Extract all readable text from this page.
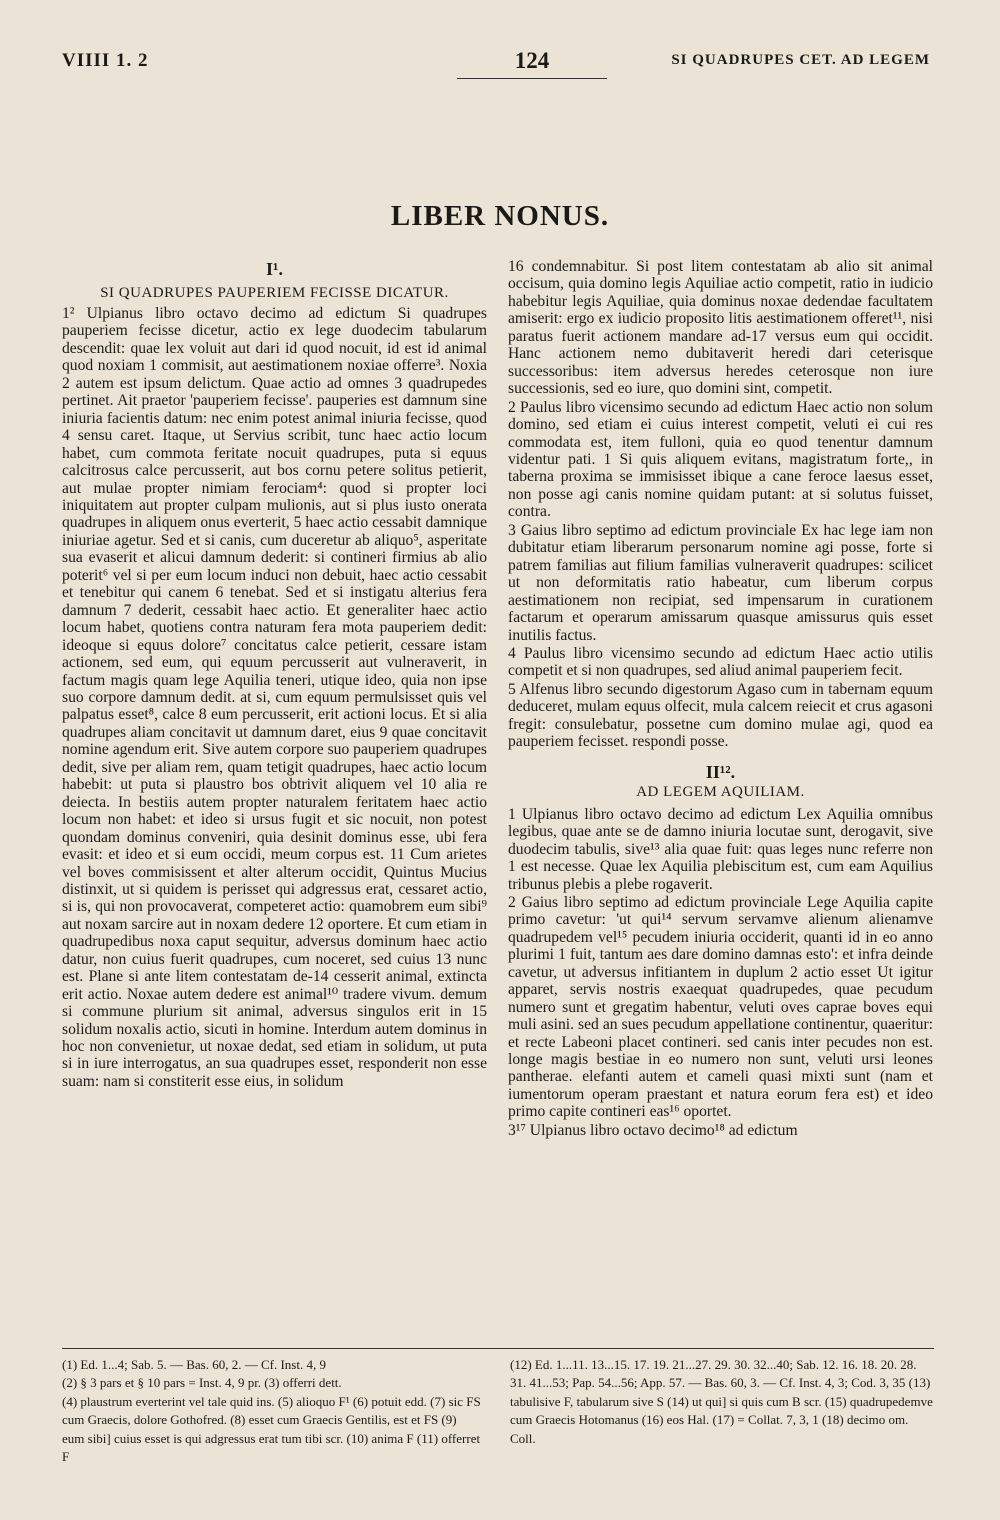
VIIII 1. 2	124	SI QUADRUPES CET. AD LEGEM
LIBER NONUS.
I¹.
SI QUADRUPES PAUPERIEM FECISSE DICATUR.

1² Ulpianus libro octavo decimo ad edictum Si quadrupes pauperiem fecisse dicetur, actio ex lege duodecim tabularum descendit: quae lex voluit aut dari id quod nocuit, id est id animal quod noxiam 1 commisit, aut aestimationem noxiae offerre³. Noxia 2 autem est ipsum delictum. Quae actio ad omnes 3 quadrupedes pertinet. Ait praetor 'pauperiem fecisse'. pauperies est damnum sine iniuria facientis datum: nec enim potest animal iniuria fecisse, quod 4 sensu caret. Itaque, ut Servius scribit, tunc haec actio locum habet, cum commota feritate nocuit quadrupes, puta si equus calcitrosus calce percusserit, aut bos cornu petere solitus petierit, aut mulae propter nimiam ferociam⁴: quod si propter loci iniquitatem aut propter culpam mulionis, aut si plus iusto onerata quadrupes in aliquem onus everterit, 5 haec actio cessabit damnique iniuriae agetur. Sed et si canis, cum duceretur ab aliquo⁵, asperitate sua evaserit et alicui damnum dederit: si contineri firmius ab alio poterit⁶ vel si per eum locum induci non debuit, haec actio cessabit et tenebitur qui canem 6 tenebat. Sed et si instigatu alterius fera damnum 7 dederit, cessabit haec actio. Et generaliter haec actio locum habet, quotiens contra naturam fera mota pauperiem dedit: ideoque si equus dolore⁷ concitatus calce petierit, cessare istam actionem, sed eum, qui equum percusserit aut vulneraverit, in factum magis quam lege Aquilia teneri, utique ideo, quia non ipse suo corpore damnum dedit. at si, cum equum permulsisset quis vel palpatus esset⁸, calce 8 eum percusserit, erit actioni locus. Et si alia quadrupes aliam concitavit ut damnum daret, eius 9 quae concitavit nomine agendum erit. Sive autem corpore suo pauperiem quadrupes dedit, sive per aliam rem, quam tetigit quadrupes, haec actio locum habebit: ut puta si plaustro bos obtrivit aliquem vel 10 alia re deiecta. In bestiis autem propter naturalem feritatem haec actio locum non habet: et ideo si ursus fugit et sic nocuit, non potest quondam dominus conveniri, quia desinit dominus esse, ubi fera evasit: et ideo et si eum occidi, meum corpus est. 11 Cum arietes vel boves commisissent et alter alterum occidit, Quintus Mucius distinxit, ut si quidem is perisset qui adgressus erat, cessaret actio, si is, qui non provocaverat, competeret actio: quamobrem eum sibi⁹ aut noxam sarcire aut in noxam dedere 12 oportere. Et cum etiam in quadrupedibus noxa caput sequitur, adversus dominum haec actio datur, non cuius fuerit quadrupes, cum noceret, sed cuius 13 nunc est. Plane si ante litem contestatam de-14 cesserit animal, extincta erit actio. Noxae autem dedere est animal¹⁰ tradere vivum. demum si commune plurium sit animal, adversus singulos erit in 15 solidum noxalis actio, sicuti in homine. Interdum autem dominus in hoc non convenietur, ut noxae dedat, sed etiam in solidum, ut puta si in iure interrogatus, an sua quadrupes esset, responderit non esse suam: nam si constiterit esse eius, in solidum

16 condemnabitur. Si post litem contestatam ab alio sit animal occisum, quia domino legis Aquiliae actio competit, ratio in iudicio habebitur legis Aquiliae, quia dominus noxae dedendae facultatem amiserit: ergo ex iudicio proposito litis aestimationem offeret¹¹, nisi paratus fuerit actionem mandare ad-17 versus eum qui occidit. Hanc actionem nemo dubitaverit heredi dari ceterisque successoribus: item adversus heredes ceterosque non iure successionis, sed eo iure, quo domini sint, competit.

2 Paulus libro vicensimo secundo ad edictum Haec actio non solum domino, sed etiam ei cuius interest competit, veluti ei cui res commodata est, item fulloni, quia eo quod tenentur damnum videntur pati. 1 Si quis aliquem evitans, magistratum forte,, in taberna proxima se immisisset ibique a cane feroce laesus esset, non posse agi canis nomine quidam putant: at si solutus fuisset, contra.

3 Gaius libro septimo ad edictum provinciale Ex hac lege iam non dubitatur etiam liberarum personarum nomine agi posse, forte si patrem familias aut filium familias vulneraverit quadrupes: scilicet ut non deformitatis ratio habeatur, cum liberum corpus aestimationem non recipiat, sed impensarum in curationem factarum et operarum amissarum quasque amissurus quis esset inutilis factus.

4 Paulus libro vicensimo secundo ad edictum Haec actio utilis competit et si non quadrupes, sed aliud animal pauperiem fecit.

5 Alfenus libro secundo digestorum Agaso cum in tabernam equum deduceret, mulam equus olfecit, mula calcem reiecit et crus agasoni fregit: consulebatur, possetne cum domino mulae agi, quod ea pauperiem fecisset. respondi posse.

II¹².
AD LEGEM AQUILIAM.

1 Ulpianus libro octavo decimo ad edictum Lex Aquilia omnibus legibus, quae ante se de damno iniuria locutae sunt, derogavit, sive duodecim tabulis, sive¹³ alia quae fuit: quas leges nunc referre non 1 est necesse. Quae lex Aquilia plebiscitum est, cum eam Aquilius tribunus plebis a plebe rogaverit.

2 Gaius libro septimo ad edictum provinciale Lege Aquilia capite primo cavetur: 'ut qui¹⁴ servum servamve alienum alienamve quadrupedem vel¹⁵ pecudem iniuria occiderit, quanti id in eo anno plurimi 1 fuit, tantum aes dare domino damnas esto': et infra deinde cavetur, ut adversus infitiantem in duplum 2 actio esset Ut igitur apparet, servis nostris exaequat quadrupedes, quae pecudum numero sunt et gregatim habentur, veluti oves caprae boves equi muli asini. sed an sues pecudum appellatione continentur, quaeritur: et recte Labeoni placet contineri. sed canis inter pecudes non est. longe magis bestiae in eo numero non sunt, veluti ursi leones pantherae. elefanti autem et cameli quasi mixti sunt (nam et iumentorum operam praestant et natura eorum fera est) et ideo primo capite contineri eas¹⁶ oportet.

3¹⁷ Ulpianus libro octavo decimo¹⁸ ad edictum

(1) Ed. 1...4; Sab. 5. — Bas. 60, 2. — Cf. Inst. 4, 9
(2) § 3 pars et § 10 pars = Inst. 4, 9 pr. (3) offerri dett.
(4) plaustrum everterint vel tale quid ins. (5) alioquo F¹ (6) potuit edd. (7) sic FS cum Graecis, dolore Gothofred. (8) esset cum Graecis Gentilis, est et FS (9) eum sibi] cuius esset is qui adgressus erat tum tibi scr. (10) anima F (11) offerret F
(12) Ed. 1...11. 13...15. 17. 19. 21...27. 29. 30. 32...40; Sab. 12. 16. 18. 20. 28. 31. 41...53; Pap. 54...56; App. 57. — Bas. 60, 3. — Cf. Inst. 4, 3; Cod. 3, 35 (13) tabulisive F, tabularum sive S (14) ut qui] si quis cum B scr. (15) quadrupedemve cum Graecis Hotomanus (16) eos Hal. (17) = Collat. 7, 3, 1 (18) decimo om. Coll.
